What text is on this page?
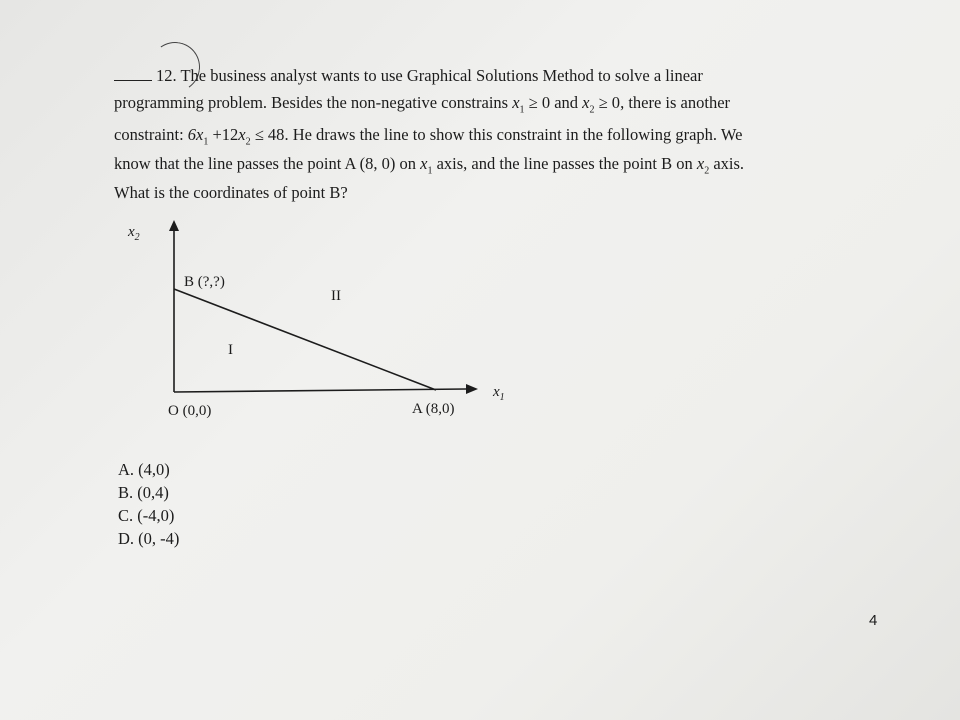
12. The business analyst wants to use Graphical Solutions Method to solve a linear
programming problem. Besides the non-negative constrains $x_1 \ge 0$ and $x_2 \ge 0$, there is another
constraint: $6x_1 +12x_2 \le 48$. He draws the line to show this constraint in the following graph. We
know that the line passes the point A (8, 0) on $x_1$ axis, and the line passes the point B on $x_2$ axis.
What is the coordinates of point B?
$x_2$
$x_1$
B (?,?)
II
I
O (0,0)	A (8,0)
A. (4,0)
B. (0,4)
C. (-4,0)
D. (0, -4)
4
